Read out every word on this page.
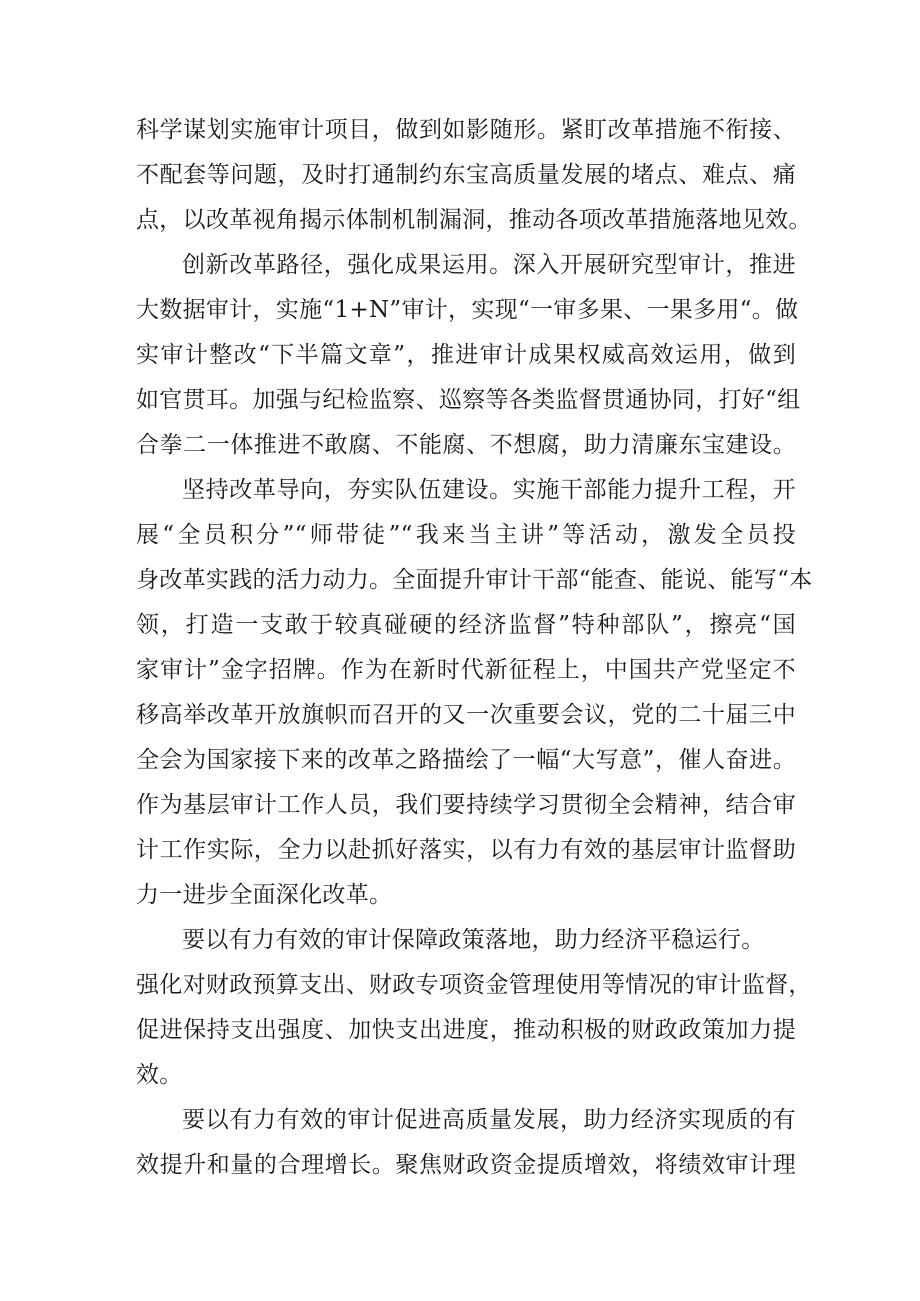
科学谋划实施审计项目，做到如影随形。紧盯改革措施不衔接、
不配套等问题，及时打通制约东宝高质量发展的堵点、难点、痛
点，以改革视角揭示体制机制漏洞，推动各项改革措施落地见效。
创新改革路径，强化成果运用。深入开展研究型审计，推进
大数据审计，实施“1+N”审计，实现“一审多果、一果多用“。做
实审计整改“下半篇文章”，推进审计成果权威高效运用，做到
如官贯耳。加强与纪检监察、巡察等各类监督贯通协同，打好“组
合拳二一体推进不敢腐、不能腐、不想腐，助力清廉东宝建设。
坚持改革导向，夯实队伍建设。实施干部能力提升工程，开
展“全员积分”“师带徒”“我来当主讲”等活动，激发全员投
身改革实践的活力动力。全面提升审计干部“能查、能说、能写“本
领，打造一支敢于较真碰硬的经济监督”特种部队”，擦亮“国
家审计”金字招牌。作为在新时代新征程上，中国共产党坚定不
移高举改革开放旗帜而召开的又一次重要会议，党的二十届三中
全会为国家接下来的改革之路描绘了一幅“大写意”，催人奋进。
作为基层审计工作人员，我们要持续学习贯彻全会精神，结合审
计工作实际，全力以赴抓好落实，以有力有效的基层审计监督助
力一进步全面深化改革。
要以有力有效的审计保障政策落地，助力经济平稳运行。
强化对财政预算支出、财政专项资金管理使用等情况的审计监督，
促进保持支出强度、加快支出进度，推动积极的财政政策加力提
效。
要以有力有效的审计促进高质量发展，助力经济实现质的有
效提升和量的合理增长。聚焦财政资金提质增效，将绩效审计理
